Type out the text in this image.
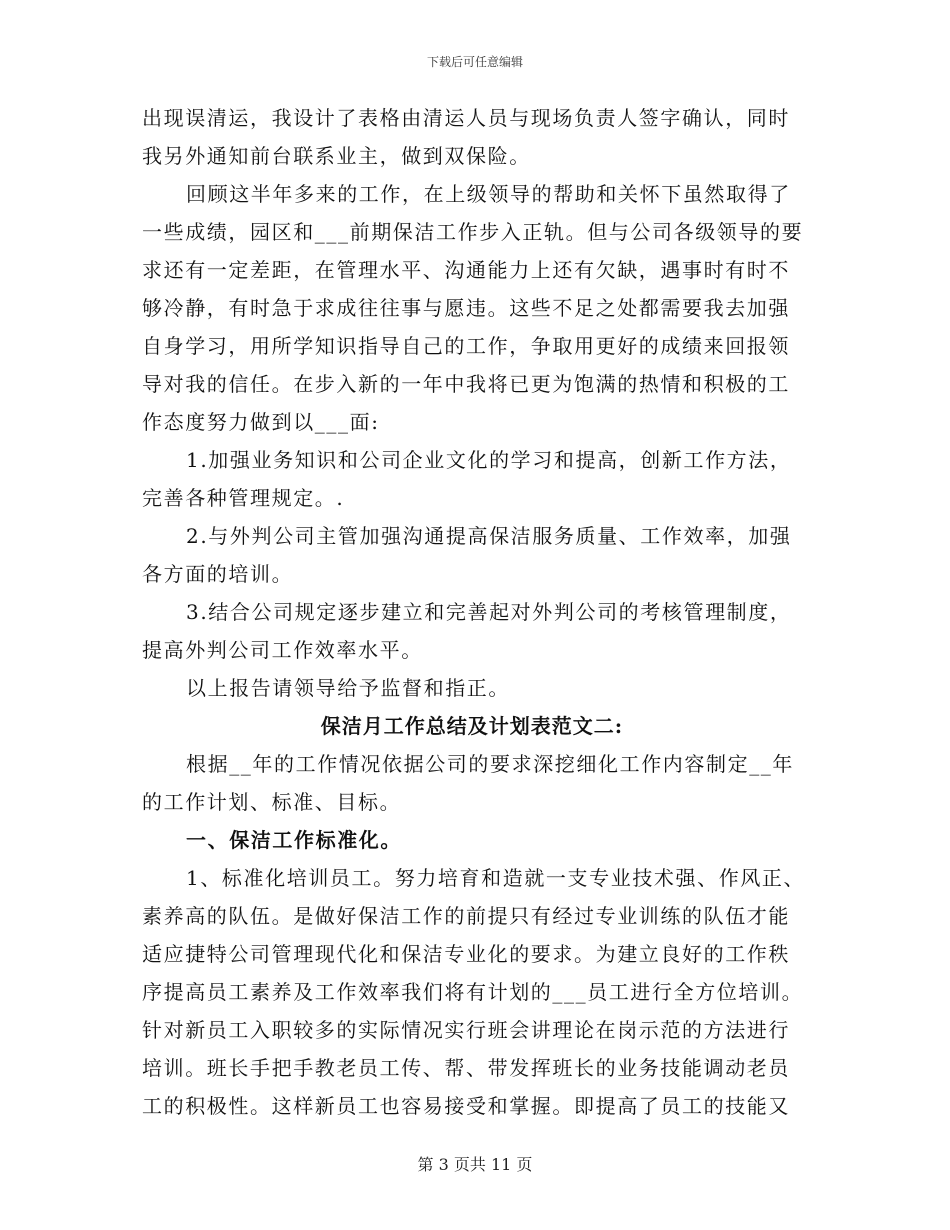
下载后可任意编辑
出现误清运，我设计了表格由清运人员与现场负责人签字确认，同时
我另外通知前台联系业主，做到双保险。
回顾这半年多来的工作，在上级领导的帮助和关怀下虽然取得了
一些成绩，园区和___前期保洁工作步入正轨。但与公司各级领导的要
求还有一定差距，在管理水平、沟通能力上还有欠缺，遇事时有时不
够冷静，有时急于求成往往事与愿违。这些不足之处都需要我去加强
自身学习，用所学知识指导自己的工作，争取用更好的成绩来回报领
导对我的信任。在步入新的一年中我将已更为饱满的热情和积极的工
作态度努力做到以___面:
1.加强业务知识和公司企业文化的学习和提高，创新工作方法，
完善各种管理规定。.
2.与外判公司主管加强沟通提高保洁服务质量、工作效率，加强
各方面的培训。
3.结合公司规定逐步建立和完善起对外判公司的考核管理制度，
提高外判公司工作效率水平。
以上报告请领导给予监督和指正。
保洁月工作总结及计划表范文二:
根据__年的工作情况依据公司的要求深挖细化工作内容制定__年
的工作计划、标准、目标。
一、保洁工作标准化。
1、标准化培训员工。努力培育和造就一支专业技术强、作风正、
素养高的队伍。是做好保洁工作的前提只有经过专业训练的队伍才能
适应捷特公司管理现代化和保洁专业化的要求。为建立良好的工作秩
序提高员工素养及工作效率我们将有计划的___员工进行全方位培训。
针对新员工入职较多的实际情况实行班会讲理论在岗示范的方法进行
培训。班长手把手教老员工传、帮、带发挥班长的业务技能调动老员
工的积极性。这样新员工也容易接受和掌握。即提高了员工的技能又
第 3 页共 11 页
